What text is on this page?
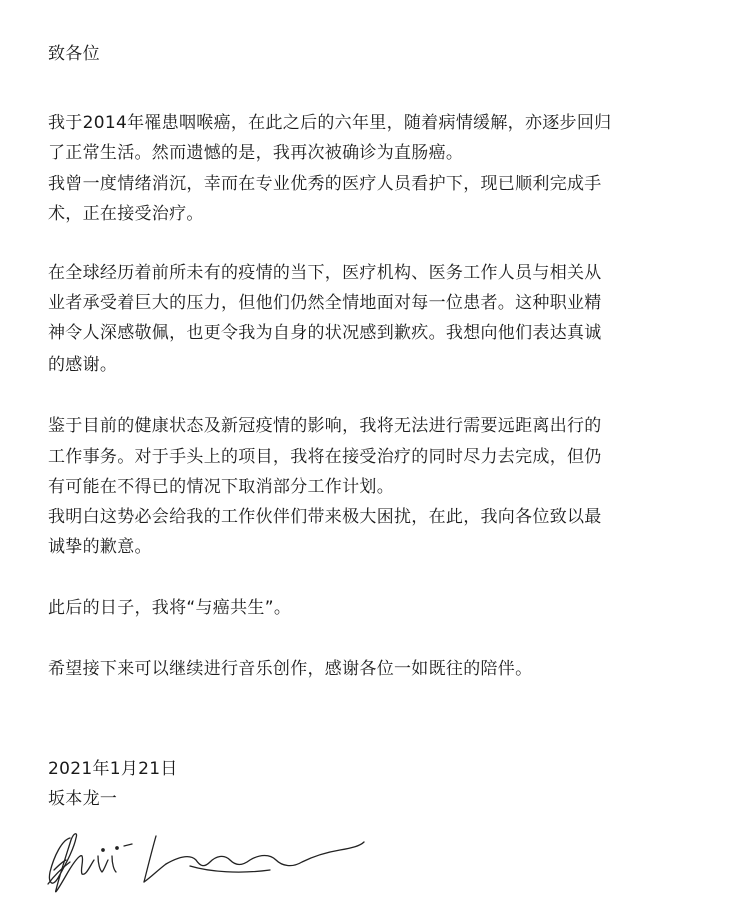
致各位
我于2014年罹患咽喉癌，在此之后的六年里，随着病情缓解，亦逐步回归
了正常生活。然而遗憾的是，我再次被确诊为直肠癌。
我曾一度情绪消沉，幸而在专业优秀的医疗人员看护下，现已顺利完成手
术，正在接受治疗。
在全球经历着前所未有的疫情的当下，医疗机构、医务工作人员与相关从
业者承受着巨大的压力，但他们仍然全情地面对每一位患者。这种职业精
神令人深感敬佩，也更令我为自身的状况感到歉疚。我想向他们表达真诚
的感谢。
鉴于目前的健康状态及新冠疫情的影响，我将无法进行需要远距离出行的
工作事务。对于手头上的项目，我将在接受治疗的同时尽力去完成，但仍
有可能在不得已的情况下取消部分工作计划。
我明白这势必会给我的工作伙伴们带来极大困扰，在此，我向各位致以最
诚挚的歉意。
此后的日子，我将“与癌共生”。
希望接下来可以继续进行音乐创作，感谢各位一如既往的陪伴。
2021年1月21日
坂本龙一
